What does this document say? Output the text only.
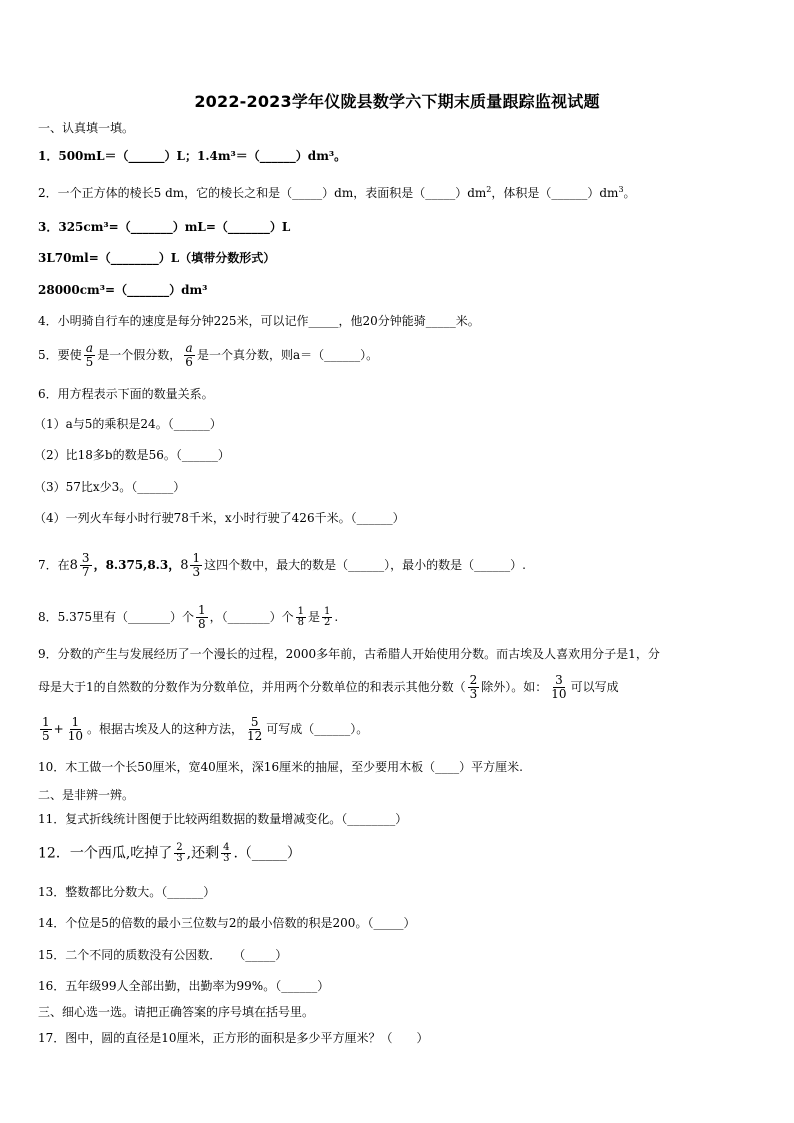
2022-2023学年仪陇县数学六下期末质量跟踪监视试题
一、认真填一填。
1．500mL＝（______）L；1.4m³＝（______）dm³。
2．一个正方体的棱长5 dm，它的棱长之和是（_____）dm，表面积是$(\_\_\_\_\_)dm^2$，体积是$(\_\_\_\_\_\_)dm^3$。
3．325cm³=（_______）mL=（_______）L
3L70ml=（________）L（填带分数形式）
28000cm³=（_______）dm³
4．小明骑自行车的速度是每分钟225米，可以记作_____，他20分钟能骑_____米。
5．要使 $\frac{a}{5}$ 是一个假分数， $\frac{a}{6}$ 是一个真分数，则a＝（______）。
6．用方程表示下面的数量关系。
（1）a与5的乘积是24。（______）
（2）比18多b的数是56。（______）
（3）57比x少3。（______）
（4）一列火车每小时行驶78千米，x小时行驶了426千米。（______）
7．在$8 \frac{3}{7}$ ，8.375,8.3，$8 \frac{1}{3}$ 这四个数中，最大的数是（______），最小的数是（______）.
8．5.375里有（_______）个 $\frac{1}{8}$ ，（_______）个 $\frac{1}{8}$ 是 $\frac{1}{2}$ .
9．分数的产生与发展经历了一个漫长的过程，2000多年前，古希腊人开始使用分数。而古埃及人喜欢用分子是1，分
母是大于1的自然数的分数作为分数单位，并用两个分数单位的和表示其他分数（ $\frac{2}{3}$ 除外）。如： $\frac{3}{10}$ 可以写成
$\frac{1}{5} + \frac{1}{10}$ 。根据古埃及人的这种方法， $\frac{5}{12}$ 可写成（______）。
10．木工做一个长50厘米，宽40厘米，深16厘米的抽屉，至少要用木板（____）平方厘米.
二、是非辨一辨。
11．复式折线统计图便于比较两组数据的数量增减变化。（________）
12．一个西瓜,吃掉了 $\frac{2}{3}$ ,还剩 $\frac{4}{3}$ .（_____）
13．整数都比分数大。（______）
14．个位是5的倍数的最小三位数与2的最小倍数的积是200。（_____）
15．二个不同的质数没有公因数．　　（_____）
16．五年级99人全部出勤，出勤率为99%。（______）
三、细心选一选。请把正确答案的序号填在括号里。
17．图中，圆的直径是10厘米，正方形的面积是多少平方厘米？（　　）
